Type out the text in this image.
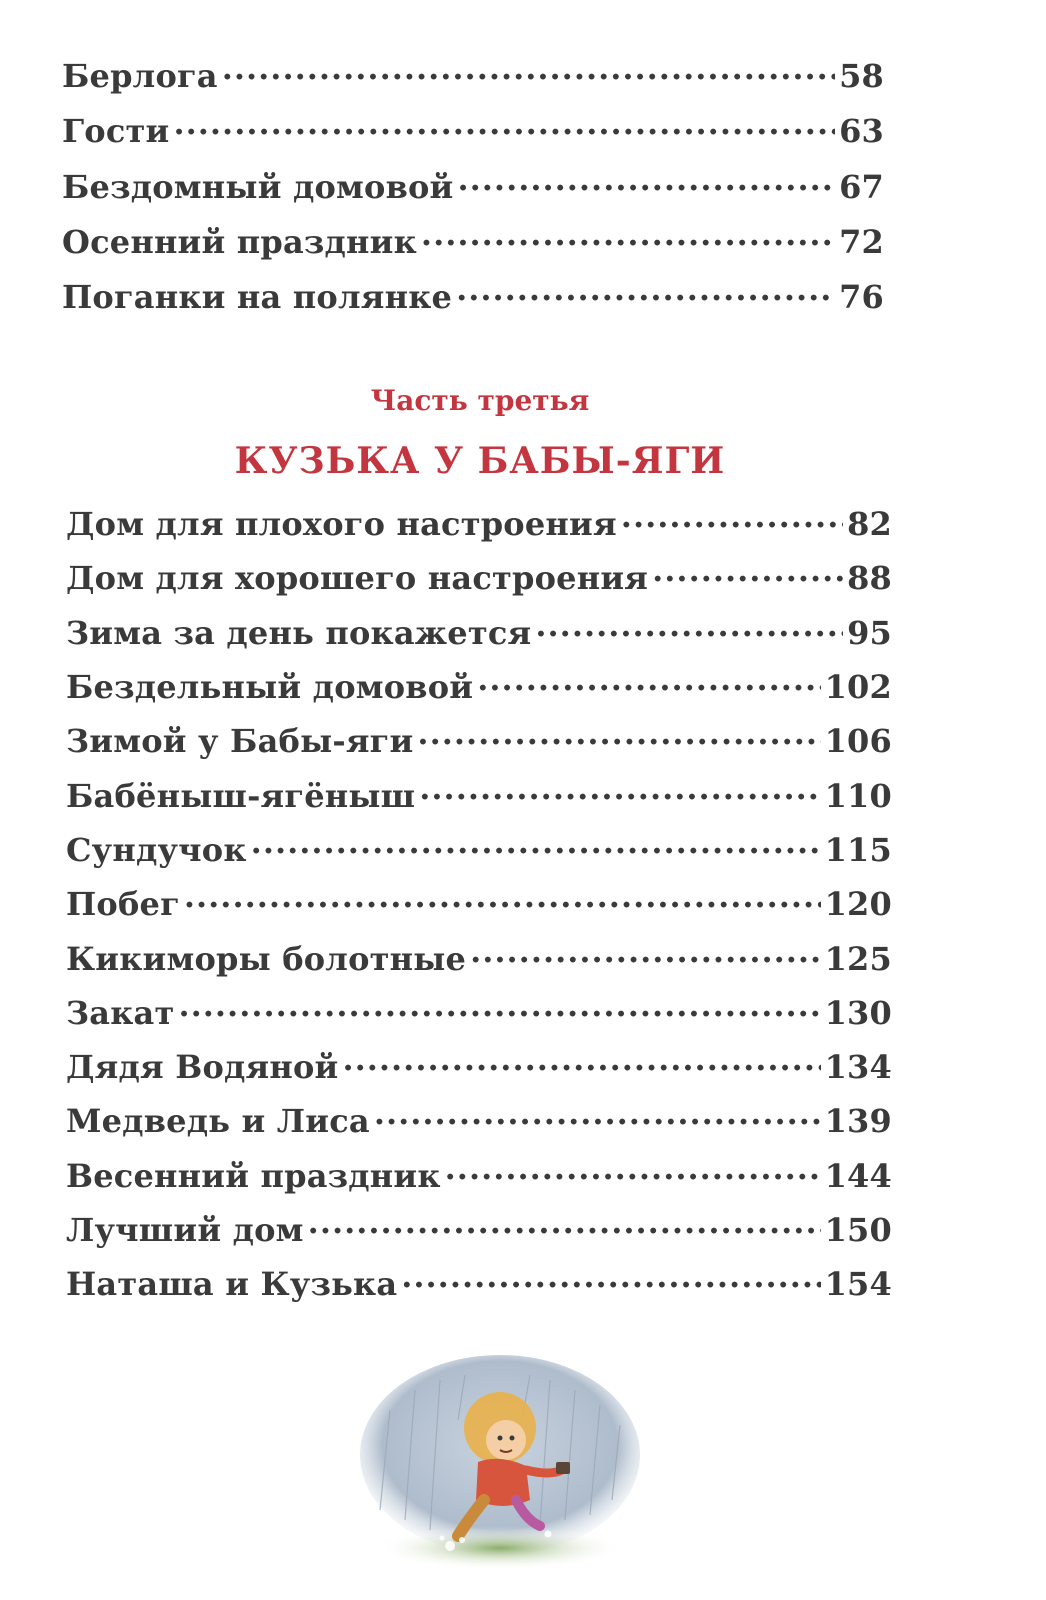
Берлога .....	58
Гости .....	63
Бездомный домовой .....	67
Осенний праздник .....	72
Поганки на полянке .....	76
Часть третья
КУЗЬКА У БАБЫ-ЯГИ
Дом для плохого настроения .....	82
Дом для хорошего настроения .....	88
Зима за день покажется .....	95
Бездельный домовой .....	102
Зимой у Бабы-яги .....	106
Бабёныш-ягёныш .....	110
Сундучок .....	115
Побег .....	120
Кикиморы болотные .....	125
Закат .....	130
Дядя Водяной .....	134
Медведь и Лиса .....	139
Весенний праздник .....	144
Лучший дом .....	150
Наташа и Кузька .....	154
